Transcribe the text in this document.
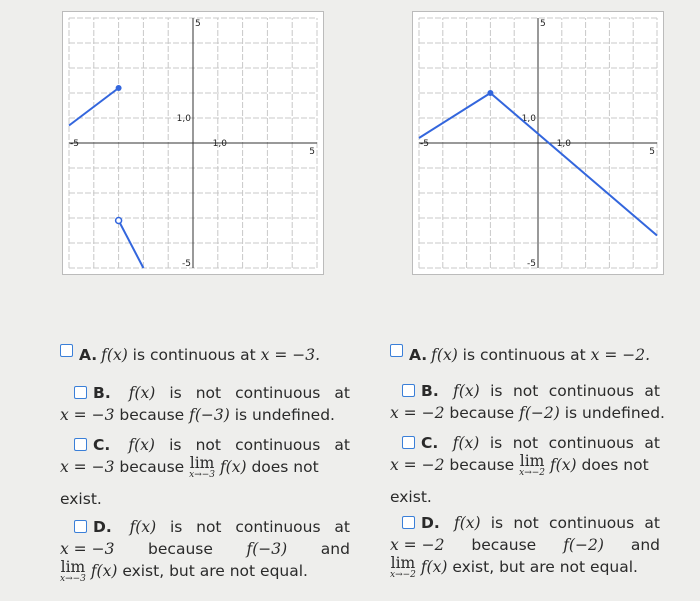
-5
5
5
-5
1,0
1,0	-5
5
5
-5
1,0
1,0
A. f(x) is continuous at x = −3.
B. f(x) is not continuous at
x = −3 because f(−3) is undefined.
C. f(x) is not continuous at
x = −3 because lim
x→−3 f(x) does not
exist.
D. f(x) is not continuous at
x = −3 because f(−3) and
lim
x→−3 f(x) exist, but are not equal.
A. f(x) is continuous at x = −2.
B. f(x) is not continuous at
x = −2 because f(−2) is undefined.
C. f(x) is not continuous at
x = −2 because lim
x→−2 f(x) does not
exist.
D. f(x) is not continuous at
x = −2 because f(−2) and
lim
x→−2 f(x) exist, but are not equal.
